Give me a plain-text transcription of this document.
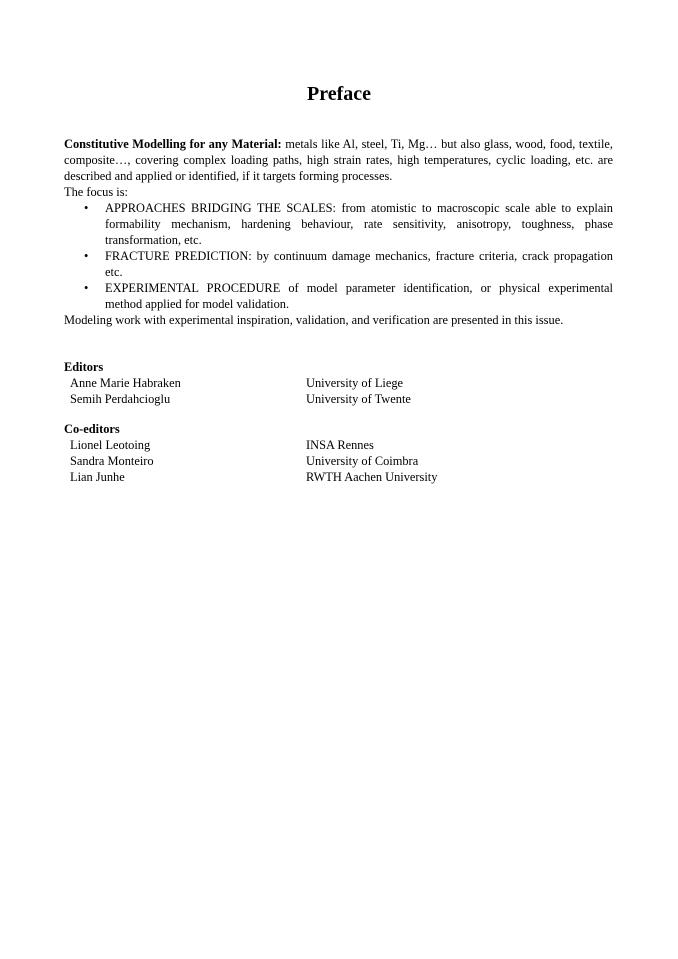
Preface

Constitutive Modelling for any Material: metals like Al, steel, Ti, Mg… but also glass, wood, food, textile, composite…, covering complex loading paths, high strain rates, high temperatures, cyclic loading, etc. are described and applied or identified, if it targets forming processes.

The focus is:

• APPROACHES BRIDGING THE SCALES: from atomistic to macroscopic scale able to explain formability mechanism, hardening behaviour, rate sensitivity, anisotropy, toughness, phase transformation, etc.
• FRACTURE PREDICTION: by continuum damage mechanics, fracture criteria, crack propagation etc.
• EXPERIMENTAL PROCEDURE of model parameter identification, or physical experimental method applied for model validation.

Modeling work with experimental inspiration, validation, and verification are presented in this issue.

Editors
Anne Marie Habraken	University of Liege
Semih Perdahcioglu	University of Twente
Co-editors
Lionel Leotoing	INSA Rennes
Sandra Monteiro	University of Coimbra
Lian Junhe	RWTH Aachen University
